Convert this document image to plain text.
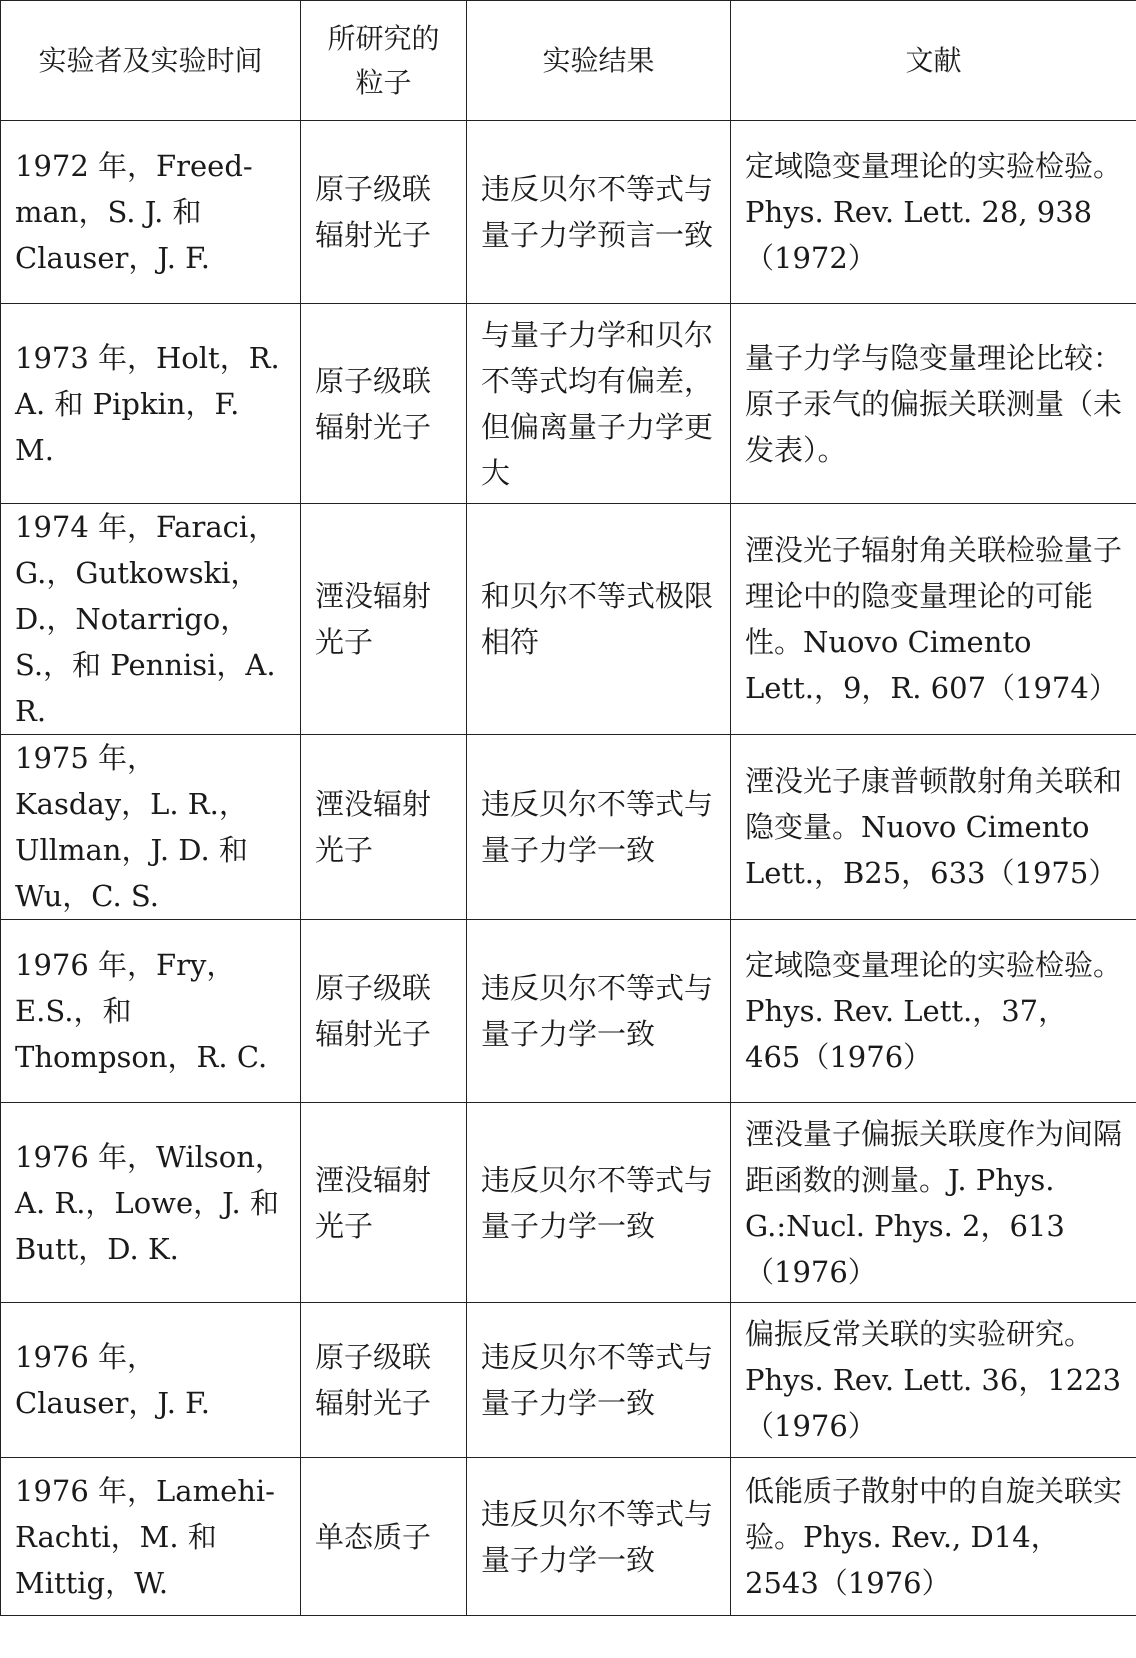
实验者及实验时间	所研究的粒子	实验结果	文献
1972 年，Freed-man，S. J. 和 Clauser，J. F.	原子级联辐射光子	违反贝尔不等式与量子力学预言一致	定域隐变量理论的实验检验。Phys. Rev. Lett. 28, 938（1972）
1973 年，Holt，R. A. 和 Pipkin，F. M.	原子级联辐射光子	与量子力学和贝尔不等式均有偏差，但偏离量子力学更大	量子力学与隐变量理论比较：原子汞气的偏振关联测量（未发表）。
1974 年，Faraci，G.，Gutkowski，D.，Notarrigo，S.，和 Pennisi，A. R.	湮没辐射光子	和贝尔不等式极限相符	湮没光子辐射角关联检验量子理论中的隐变量理论的可能性。Nuovo Cimento Lett.，9，R. 607（1974）
1975 年，Kasday，L. R.，Ullman，J. D. 和 Wu，C. S.	湮没辐射光子	违反贝尔不等式与量子力学一致	湮没光子康普顿散射角关联和隐变量。Nuovo Cimento Lett.，B25，633（1975）
1976 年，Fry，E.S.，和 Thompson，R. C.	原子级联辐射光子	违反贝尔不等式与量子力学一致	定域隐变量理论的实验检验。Phys. Rev. Lett.，37，465（1976）
1976 年，Wilson，A. R.，Lowe，J. 和 Butt，D. K.	湮没辐射光子	违反贝尔不等式与量子力学一致	湮没量子偏振关联度作为间隔距函数的测量。J. Phys. G.:Nucl. Phys. 2，613（1976）
1976 年，Clauser，J. F.	原子级联辐射光子	违反贝尔不等式与量子力学一致	偏振反常关联的实验研究。Phys. Rev. Lett. 36，1223（1976）
1976 年，Lamehi-Rachti，M. 和 Mittig，W.	单态质子	违反贝尔不等式与量子力学一致	低能质子散射中的自旋关联实验。Phys. Rev., D14，2543（1976）
